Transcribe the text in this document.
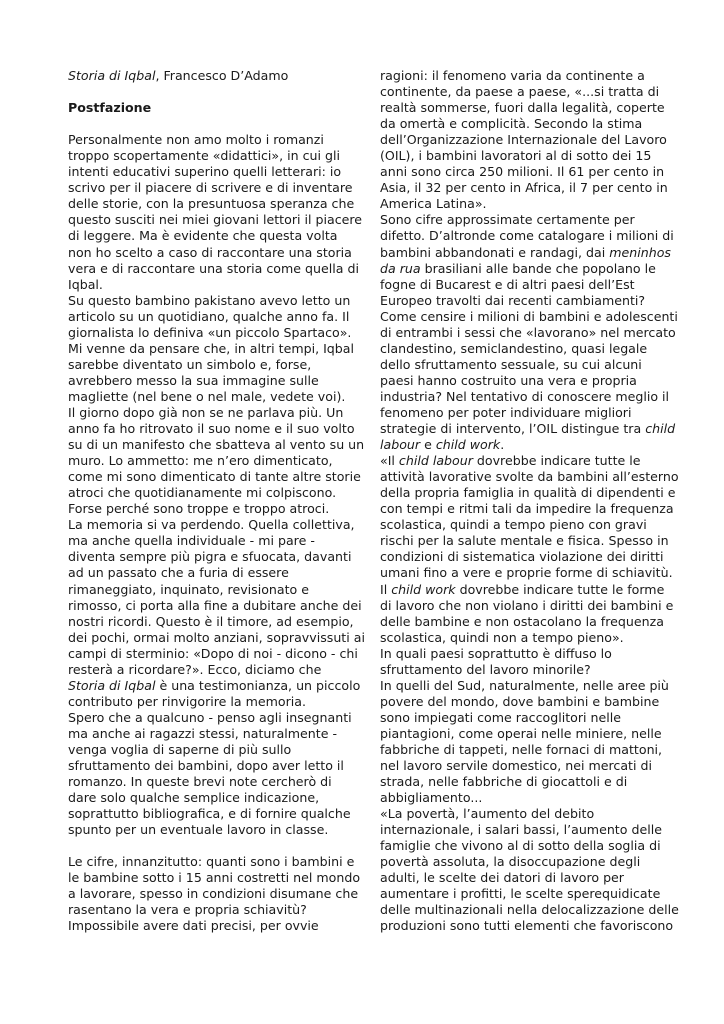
Storia di Iqbal, Francesco D’Adamo
Postfazione
Personalmente non amo molto i romanzi
troppo scopertamente «didattici», in cui gli
intenti educativi superino quelli letterari: io
scrivo per il piacere di scrivere e di inventare
delle storie, con la presuntuosa speranza che
questo susciti nei miei giovani lettori il piacere
di leggere. Ma è evidente che questa volta
non ho scelto a caso di raccontare una storia
vera e di raccontare una storia come quella di
Iqbal.
Su questo bambino pakistano avevo letto un
articolo su un quotidiano, qualche anno fa. Il
giornalista lo definiva «un piccolo Spartaco».
Mi venne da pensare che, in altri tempi, Iqbal
sarebbe diventato un simbolo e, forse,
avrebbero messo la sua immagine sulle
magliette (nel bene o nel male, vedete voi).
Il giorno dopo già non se ne parlava più. Un
anno fa ho ritrovato il suo nome e il suo volto
su di un manifesto che sbatteva al vento su un
muro. Lo ammetto: me n’ero dimenticato,
come mi sono dimenticato di tante altre storie
atroci che quotidianamente mi colpiscono.
Forse perché sono troppe e troppo atroci.
La memoria si va perdendo. Quella collettiva,
ma anche quella individuale - mi pare -
diventa sempre più pigra e sfuocata, davanti
ad un passato che a furia di essere
rimaneggiato, inquinato, revisionato e
rimosso, ci porta alla fine a dubitare anche dei
nostri ricordi. Questo è il timore, ad esempio,
dei pochi, ormai molto anziani, sopravvissuti ai
campi di sterminio: «Dopo di noi - dicono - chi
resterà a ricordare?». Ecco, diciamo che
Storia di Iqbal è una testimonianza, un piccolo
contributo per rinvigorire la memoria.
Spero che a qualcuno - penso agli insegnanti
ma anche ai ragazzi stessi, naturalmente -
venga voglia di saperne di più sullo
sfruttamento dei bambini, dopo aver letto il
romanzo. In queste brevi note cercherò di
dare solo qualche semplice indicazione,
soprattutto bibliografica, e di fornire qualche
spunto per un eventuale lavoro in classe.
Le cifre, innanzitutto: quanti sono i bambini e
le bambine sotto i 15 anni costretti nel mondo
a lavorare, spesso in condizioni disumane che
rasentano la vera e propria schiavitù?
Impossibile avere dati precisi, per ovvie
ragioni: il fenomeno varia da continente a
continente, da paese a paese, «...si tratta di
realtà sommerse, fuori dalla legalità, coperte
da omertà e complicità. Secondo la stima
dell’Organizzazione Internazionale del Lavoro
(OIL), i bambini lavoratori al di sotto dei 15
anni sono circa 250 milioni. Il 61 per cento in
Asia, il 32 per cento in Africa, il 7 per cento in
America Latina».
Sono cifre approssimate certamente per
difetto. D’altronde come catalogare i milioni di
bambini abbandonati e randagi, dai meninhos
da rua brasiliani alle bande che popolano le
fogne di Bucarest e di altri paesi dell’Est
Europeo travolti dai recenti cambiamenti?
Come censire i milioni di bambini e adolescenti
di entrambi i sessi che «lavorano» nel mercato
clandestino, semiclandestino, quasi legale
dello sfruttamento sessuale, su cui alcuni
paesi hanno costruito una vera e propria
industria? Nel tentativo di conoscere meglio il
fenomeno per poter individuare migliori
strategie di intervento, l’OIL distingue tra child
labour e child work.
«Il child labour dovrebbe indicare tutte le
attività lavorative svolte da bambini all’esterno
della propria famiglia in qualità di dipendenti e
con tempi e ritmi tali da impedire la frequenza
scolastica, quindi a tempo pieno con gravi
rischi per la salute mentale e fisica. Spesso in
condizioni di sistematica violazione dei diritti
umani fino a vere e proprie forme di schiavitù.
Il child work dovrebbe indicare tutte le forme
di lavoro che non violano i diritti dei bambini e
delle bambine e non ostacolano la frequenza
scolastica, quindi non a tempo pieno».
In quali paesi soprattutto è diffuso lo
sfruttamento del lavoro minorile?
In quelli del Sud, naturalmente, nelle aree più
povere del mondo, dove bambini e bambine
sono impiegati come raccoglitori nelle
piantagioni, come operai nelle miniere, nelle
fabbriche di tappeti, nelle fornaci di mattoni,
nel lavoro servile domestico, nei mercati di
strada, nelle fabbriche di giocattoli e di
abbigliamento...
«La povertà, l’aumento del debito
internazionale, i salari bassi, l’aumento delle
famiglie che vivono al di sotto della soglia di
povertà assoluta, la disoccupazione degli
adulti, le scelte dei datori di lavoro per
aumentare i profitti, le scelte sperequidicate
delle multinazionali nella delocalizzazione delle
produzioni sono tutti elementi che favoriscono
